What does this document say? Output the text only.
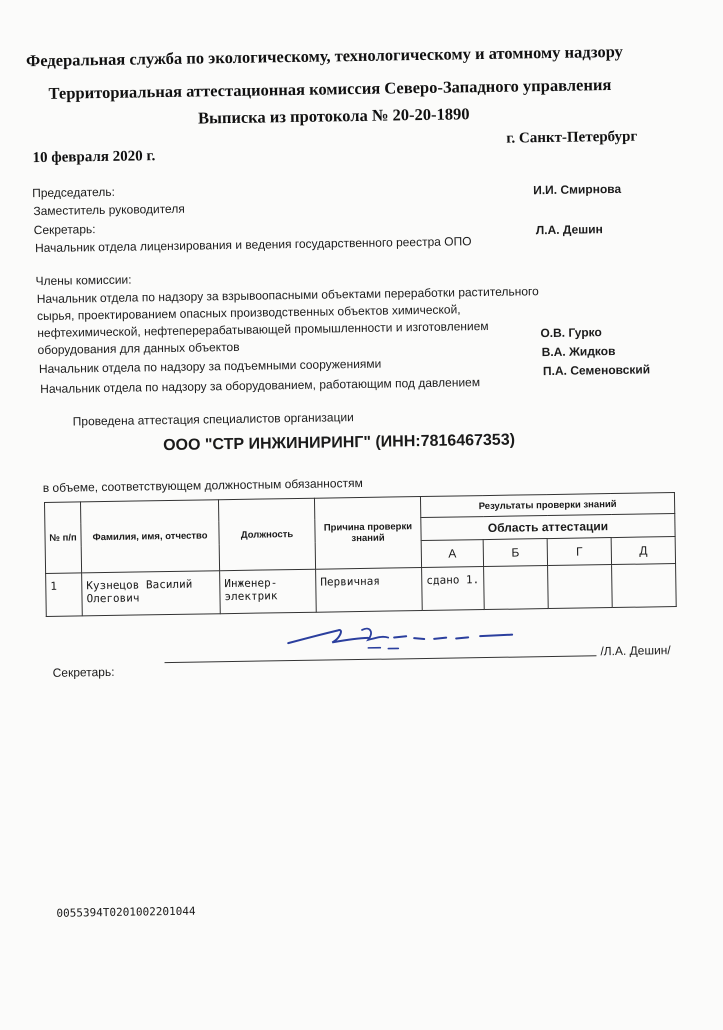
Федеральная служба по экологическому, технологическому и атомному надзору
Территориальная аттестационная комиссия Северо-Западного управления
Выписка из протокола № 20-20-1890
10 февраля 2020 г.
г. Санкт-Петербург
Председатель:
Заместитель руководителя
И.И. Смирнова
Секретарь:
Начальник отдела лицензирования и ведения государственного реестра ОПО
Л.А. Дешин
Члены комиссии:
Начальник отдела по надзору за взрывоопасными объектами переработки растительного
сырья, проектированием опасных производственных объектов химической,
нефтехимической, нефтеперерабатывающей промышленности и изготовлением
оборудования для данных объектов
О.В. Гурко
Начальник отдела по надзору за подъемными сооружениями
В.А. Жидков
Начальник отдела по надзору за оборудованием, работающим под давлением
П.А. Семеновский
Проведена аттестация специалистов организации
ООО "СТР ИНЖИНИРИНГ" (ИНН:7816467353)
в объеме, соответствующем должностным обязанностям
№ п/п	Фамилия, имя, отчество	Должность	Причина проверки знаний	Результаты проверки знаний			
				Область аттестации			
				А	Б	Г	Д
1	Кузнецов Василий Олегович	Инженер-электрик	Первичная	сдано 1.			
Секретарь:
/Л.А. Дешин/
0055394Т0201002201044
